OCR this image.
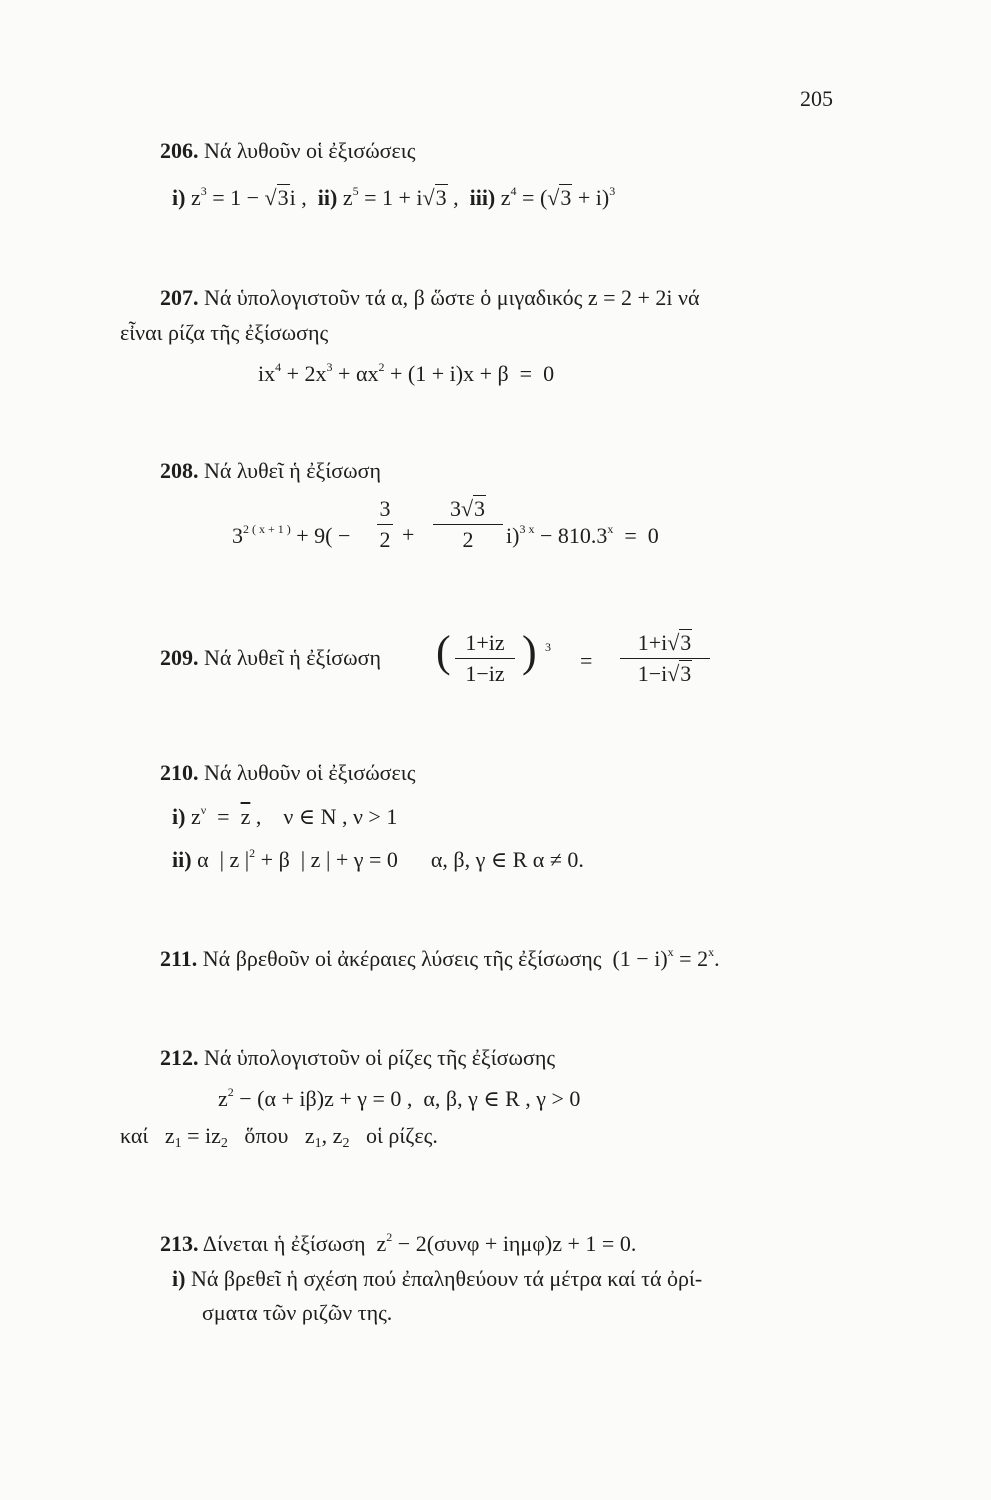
205
206. Νά λυθοῦν οἱ ἐξισώσεις
i) $z^3 = 1 - √3i$ ,  ii) $z^5 = 1 + i√3$ ,  iii) $z^4 = (√3 + i)^3$
207. Νά ὑπολογιστοῦν τά α, β ὥστε ὁ μιγαδικός z = 2 + 2i νά
εἶναι ρίζα τῆς ἐξίσωσης
$ix^4 + 2x^3 + \alpha x^2 + (1 + i)x + \beta = 0$
208. Νά λυθεῖ ἡ ἐξίσωση
$3^{2 ( x + 1 )} + 9$( −
3
2 +
3√3
2	$i)^{3 x} - 810.3^x = 0$
209. Νά λυθεῖ ἡ ἐξίσωση ( 1+iz
1−iz ) $^3$
=
1+i√3
1−i√3
210. Νά λυθοῦν οἱ ἐξισώσεις
i) $z^\nu = \overline{z}$ ,    ν ∈ N , ν > 1
ii) α  | z $|^2 + \beta$  | z | + γ = 0      α, β, γ ∈ R α ≠ 0.
211. Νά βρεθοῦν οἱ ἀκέραιες λύσεις τῆς ἐξίσωσης  $(1 - i)^x = 2^x$.
212. Νά ὑπολογιστοῦν οἱ ρίζες τῆς ἐξίσωσης
$z^2 - (\alpha + i\beta)z + \gamma = 0$ ,  α, β, γ ∈ R , γ > 0
καί   $z_1 = iz_2$ ὅπου   $z_1$, $z_2$ οἱ ρίζες.
213. Δίνεται ἡ ἐξίσωση  $z^2 - 2(\sigma\upsilon\nu\varphi + i\eta\mu\varphi)z + 1 = 0$.
i) Νά βρεθεῖ ἡ σχέση πού ἐπαληθεύουν τά μέτρα καί τά ὀρί-
σματα τῶν ριζῶν της.
